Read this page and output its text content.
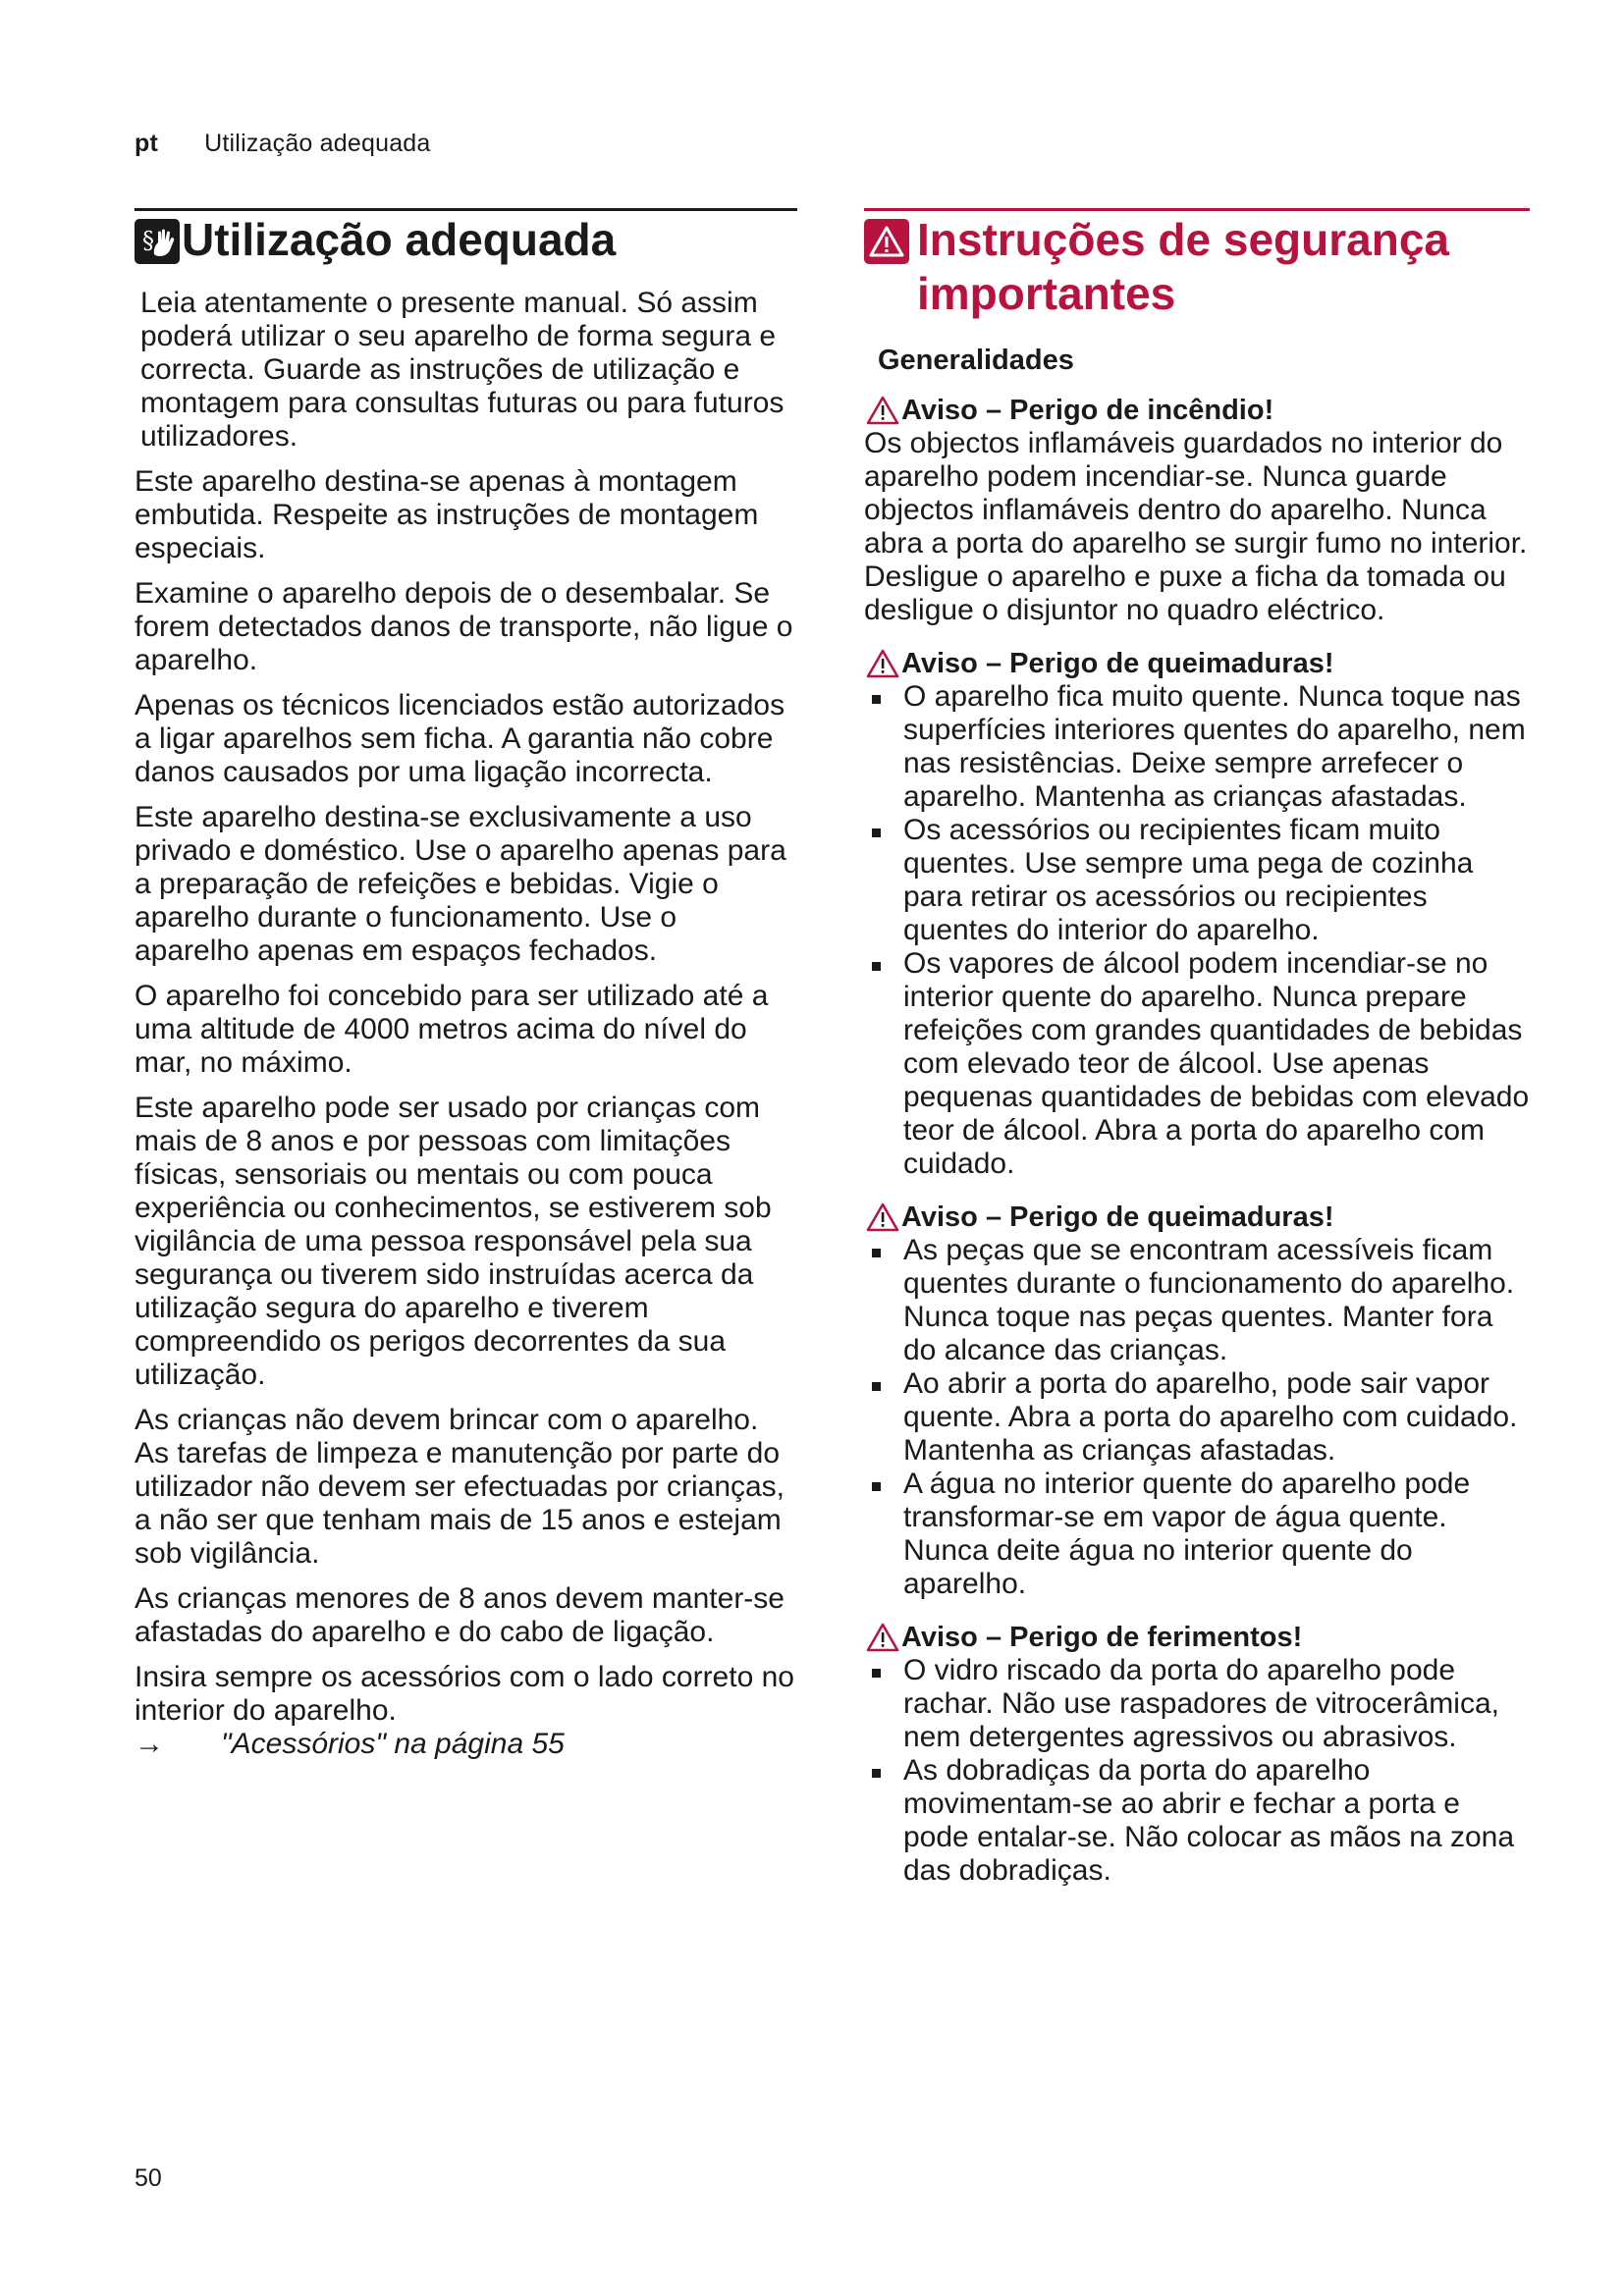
pt Utilização adequada
§ Utilização adequada

Leia atentamente o presente manual. Só assim poderá utilizar o seu aparelho de forma segura e correcta. Guarde as instruções de utilização e montagem para consultas futuras ou para futuros utilizadores.

Este aparelho destina-se apenas à montagem embutida. Respeite as instruções de montagem especiais.

Examine o aparelho depois de o desembalar. Se forem detectados danos de transporte, não ligue o aparelho.

Apenas os técnicos licenciados estão autorizados a ligar aparelhos sem ficha. A garantia não cobre danos causados por uma ligação incorrecta.

Este aparelho destina-se exclusivamente a uso privado e doméstico. Use o aparelho apenas para a preparação de refeições e bebidas. Vigie o aparelho durante o funcionamento. Use o aparelho apenas em espaços fechados.

O aparelho foi concebido para ser utilizado até a uma altitude de 4000 metros acima do nível do mar, no máximo.

Este aparelho pode ser usado por crianças com mais de 8 anos e por pessoas com limitações físicas, sensoriais ou mentais ou com pouca experiência ou conhecimentos, se estiverem sob vigilância de uma pessoa responsável pela sua segurança ou tiverem sido instruídas acerca da utilização segura do aparelho e tiverem compreendido os perigos decorrentes da sua utilização.

As crianças não devem brincar com o aparelho. As tarefas de limpeza e manutenção por parte do utilizador não devem ser efectuadas por crianças, a não ser que tenham mais de 15 anos e estejam sob vigilância.

As crianças menores de 8 anos devem manter-se afastadas do aparelho e do cabo de ligação.

Insira sempre os acessórios com o lado correto no interior do aparelho.

→ "Acessórios" na página 55
Instruções de segurança
importantes
Generalidades
Aviso – Perigo de incêndio!

Os objectos inflamáveis guardados no interior do aparelho podem incendiar-se. Nunca guarde objectos inflamáveis dentro do aparelho. Nunca abra a porta do aparelho se surgir fumo no interior. Desligue o aparelho e puxe a ficha da tomada ou desligue o disjuntor no quadro eléctrico.

Aviso – Perigo de queimaduras!
O aparelho fica muito quente. Nunca toque nas superfícies interiores quentes do aparelho, nem nas resistências. Deixe sempre arrefecer o aparelho. Mantenha as crianças afastadas.
Os acessórios ou recipientes ficam muito quentes. Use sempre uma pega de cozinha para retirar os acessórios ou recipientes quentes do interior do aparelho.
Os vapores de álcool podem incendiar-se no interior quente do aparelho. Nunca prepare refeições com grandes quantidades de bebidas com elevado teor de álcool. Use apenas pequenas quantidades de bebidas com elevado teor de álcool. Abra a porta do aparelho com cuidado.
Aviso – Perigo de queimaduras!
As peças que se encontram acessíveis ficam quentes durante o funcionamento do aparelho. Nunca toque nas peças quentes. Manter fora do alcance das crianças.
Ao abrir a porta do aparelho, pode sair vapor quente. Abra a porta do aparelho com cuidado. Mantenha as crianças afastadas.
A água no interior quente do aparelho pode transformar-se em vapor de água quente. Nunca deite água no interior quente do aparelho.
Aviso – Perigo de ferimentos!
O vidro riscado da porta do aparelho pode rachar. Não use raspadores de vitrocerâmica, nem detergentes agressivos ou abrasivos.
As dobradiças da porta do aparelho movimentam-se ao abrir e fechar a porta e pode entalar-se. Não colocar as mãos na zona das dobradiças.
50
